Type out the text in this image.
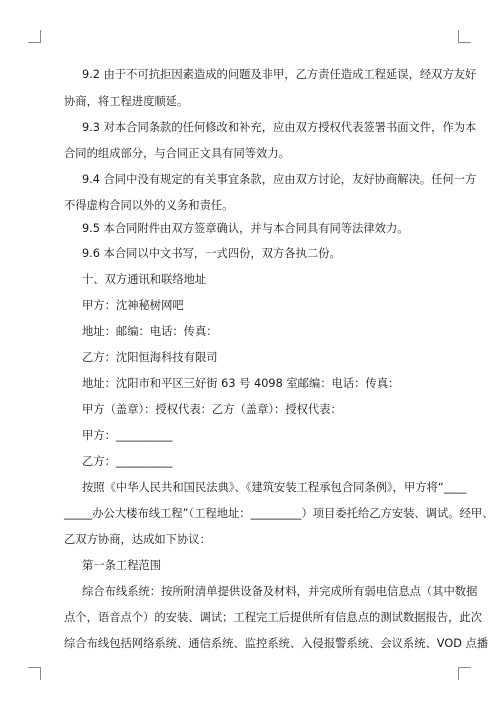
9.2 由于不可抗拒因素造成的问题及非甲，乙方责任造成工程延误，经双方友好
协商，将工程进度顺延。
9.3 对本合同条款的任何修改和补充，应由双方授权代表签署书面文件，作为本
合同的组成部分，与合同正文具有同等效力。
9.4 合同中没有规定的有关事宜条款，应由双方讨论，友好协商解决。任何一方
不得虚构合同以外的义务和责任。
9.5 本合同附件由双方签章确认，并与本合同具有同等法律效力。
9.6 本合同以中文书写，一式四份，双方各执二份。
十、双方通讯和联络地址
甲方：沈神秘树网吧
地址：邮编：电话：传真：
乙方：沈阳恒海科技有限司
地址：沈阳市和平区三好街 63 号 4098 室邮编：电话：传真：
甲方（盖章）：授权代表：乙方（盖章）：授权代表：
甲方：__________
乙方：__________
按照《中华人民共和国民法典》、《建筑安装工程承包合同条例》，甲方将“____
_____办公大楼布线工程”（工程地址：_________）项目委托给乙方安装、调试。经甲、
乙双方协商，达成如下协议：
第一条工程范围
综合布线系统：按所附清单提供设备及材料，并完成所有弱电信息点（其中数据
点个，语音点个）的安装、调试；工程完工后提供所有信息点的测试数据报告，此次
综合布线包括网络系统、通信系统、监控系统、入侵报警系统、会议系统、VOD 点播
